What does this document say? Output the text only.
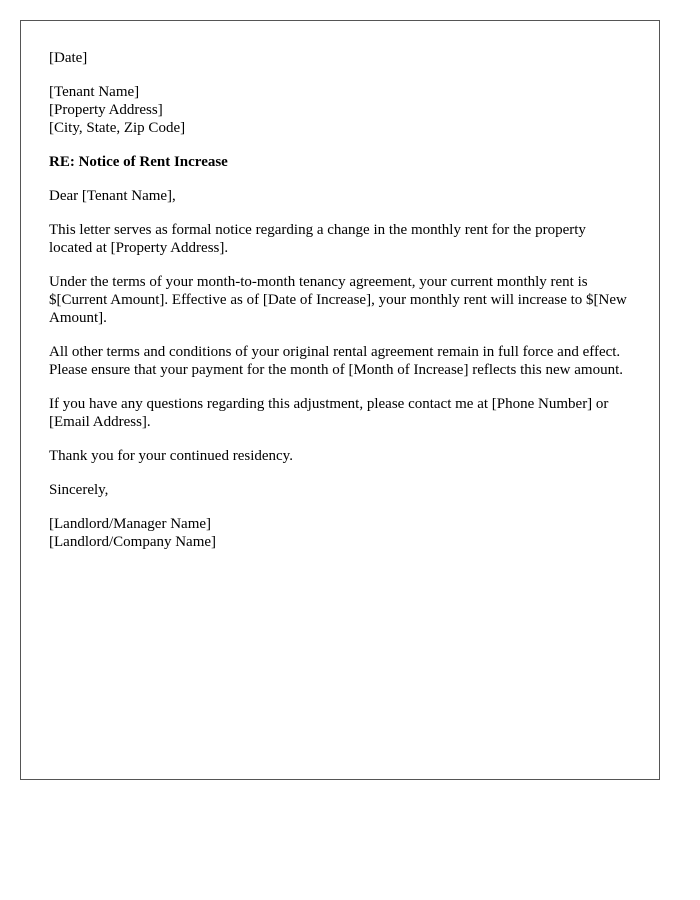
[Date]
[Tenant Name]
[Property Address]
[City, State, Zip Code]
RE: Notice of Rent Increase

Dear [Tenant Name],

This letter serves as formal notice regarding a change in the monthly rent for the property located at [Property Address].

Under the terms of your month-to-month tenancy agreement, your current monthly rent is $[Current Amount]. Effective as of [Date of Increase], your monthly rent will increase to $[New Amount].

All other terms and conditions of your original rental agreement remain in full force and effect. Please ensure that your payment for the month of [Month of Increase] reflects this new amount.

If you have any questions regarding this adjustment, please contact me at [Phone Number] or [Email Address].

Thank you for your continued residency.

Sincerely,

[Landlord/Manager Name]
[Landlord/Company Name]
